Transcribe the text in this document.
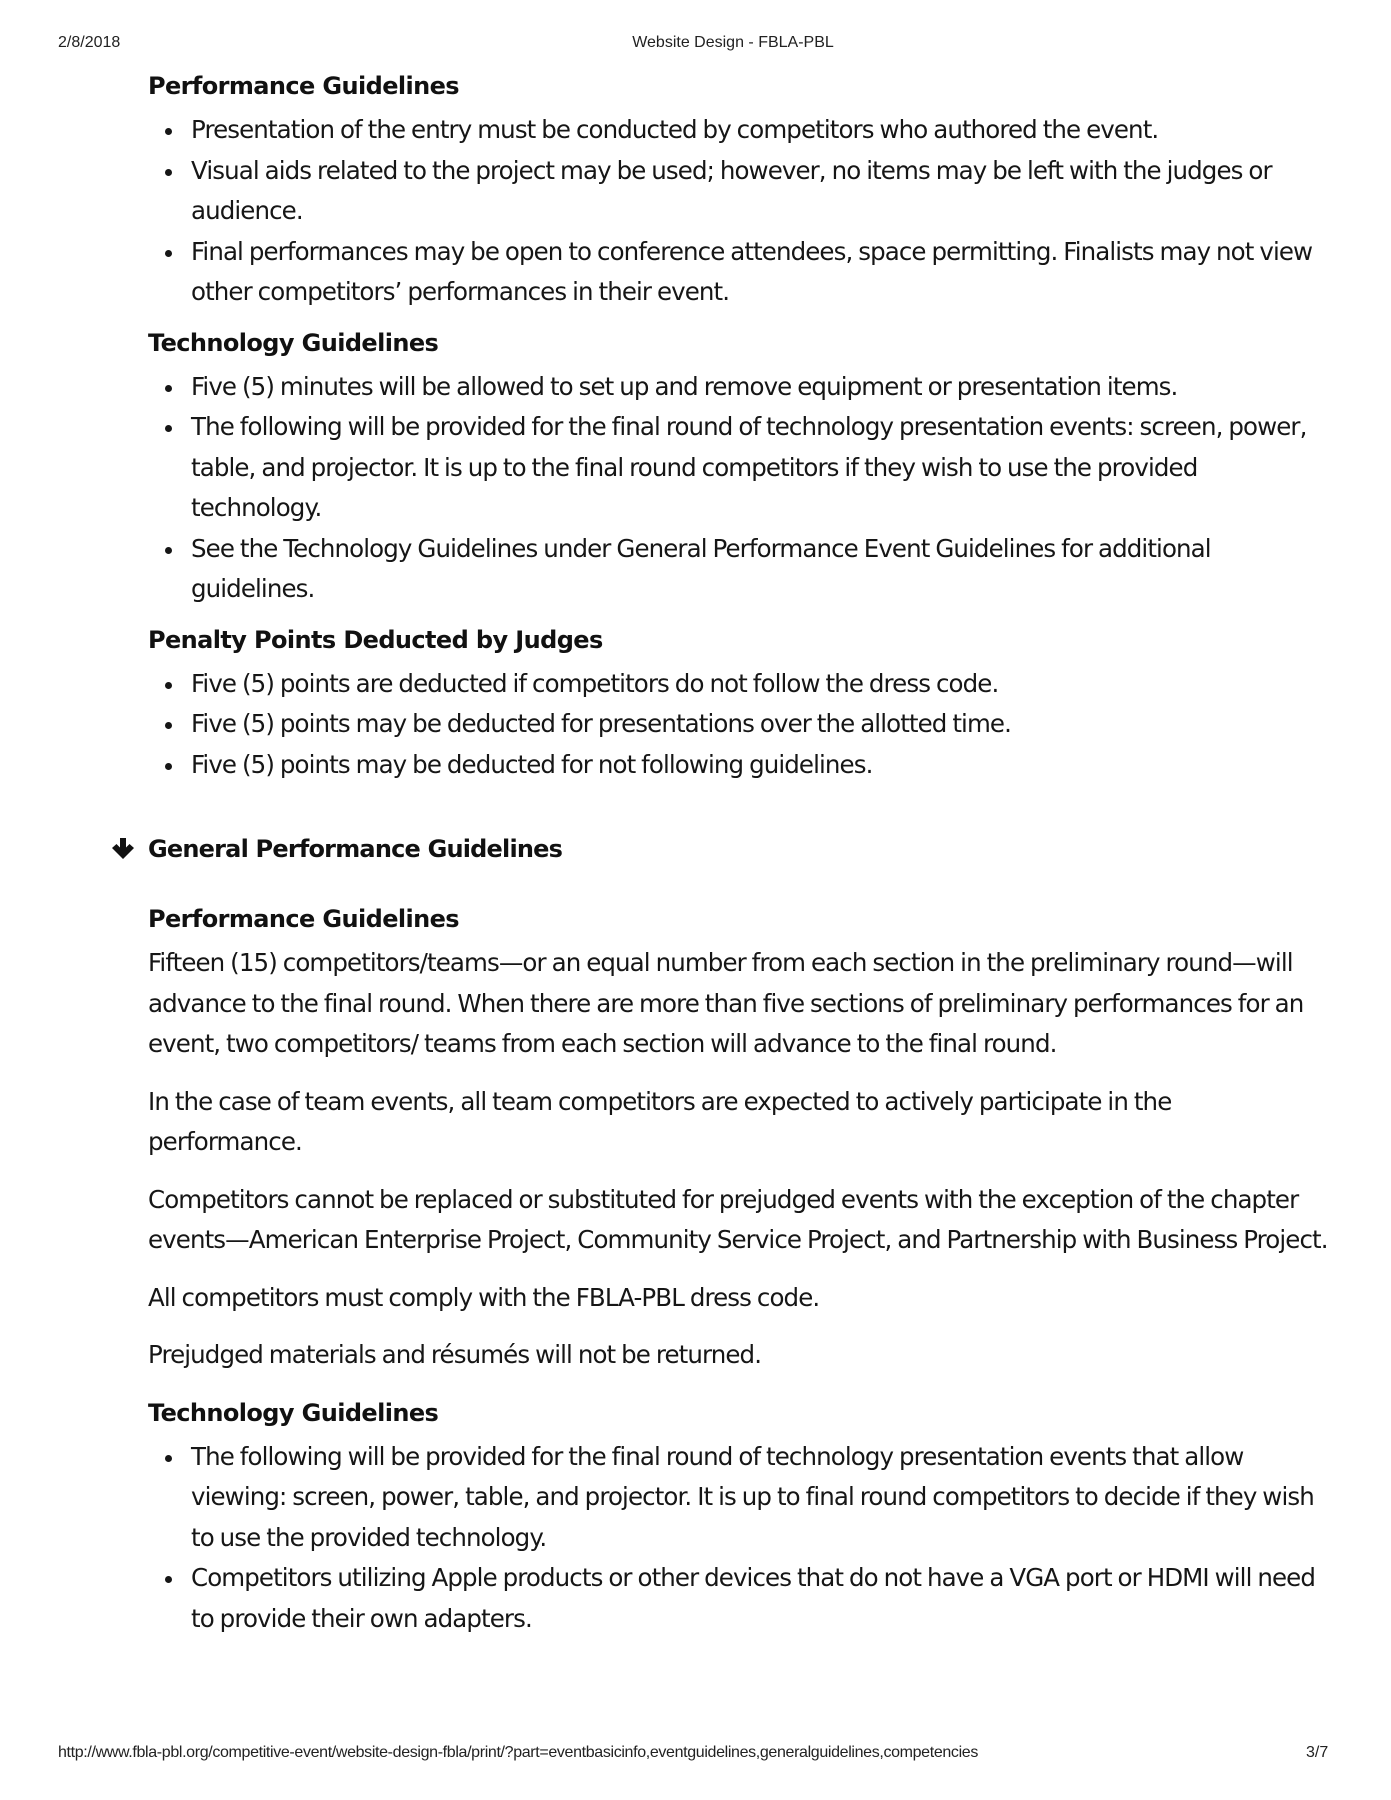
2/8/2018	Website Design - FBLA-PBL
Performance Guidelines
Presentation of the entry must be conducted by competitors who authored the event.
Visual aids related to the project may be used; however, no items may be left with the judges or audience.
Final performances may be open to conference attendees, space permitting. Finalists may not view other competitors’ performances in their event.
Technology Guidelines
Five (5) minutes will be allowed to set up and remove equipment or presentation items.
The following will be provided for the final round of technology presentation events: screen, power, table, and projector. It is up to the final round competitors if they wish to use the provided technology.
See the Technology Guidelines under General Performance Event Guidelines for additional guidelines.
Penalty Points Deducted by Judges
Five (5) points are deducted if competitors do not follow the dress code.
Five (5) points may be deducted for presentations over the allotted time.
Five (5) points may be deducted for not following guidelines.
General Performance Guidelines
Performance Guidelines

Fifteen (15) competitors/teams—or an equal number from each section in the preliminary round—will advance to the final round. When there are more than five sections of preliminary performances for an event, two competitors/ teams from each section will advance to the final round.

In the case of team events, all team competitors are expected to actively participate in the performance.

Competitors cannot be replaced or substituted for prejudged events with the exception of the chapter events—American Enterprise Project, Community Service Project, and Partnership with Business Project.

All competitors must comply with the FBLA-PBL dress code.

Prejudged materials and résumés will not be returned.

Technology Guidelines
The following will be provided for the final round of technology presentation events that allow viewing: screen, power, table, and projector. It is up to final round competitors to decide if they wish to use the provided technology.
Competitors utilizing Apple products or other devices that do not have a VGA port or HDMI will need to provide their own adapters.
http://www.fbla-pbl.org/competitive-event/website-design-fbla/print/?part=eventbasicinfo,eventguidelines,generalguidelines,competencies	3/7
